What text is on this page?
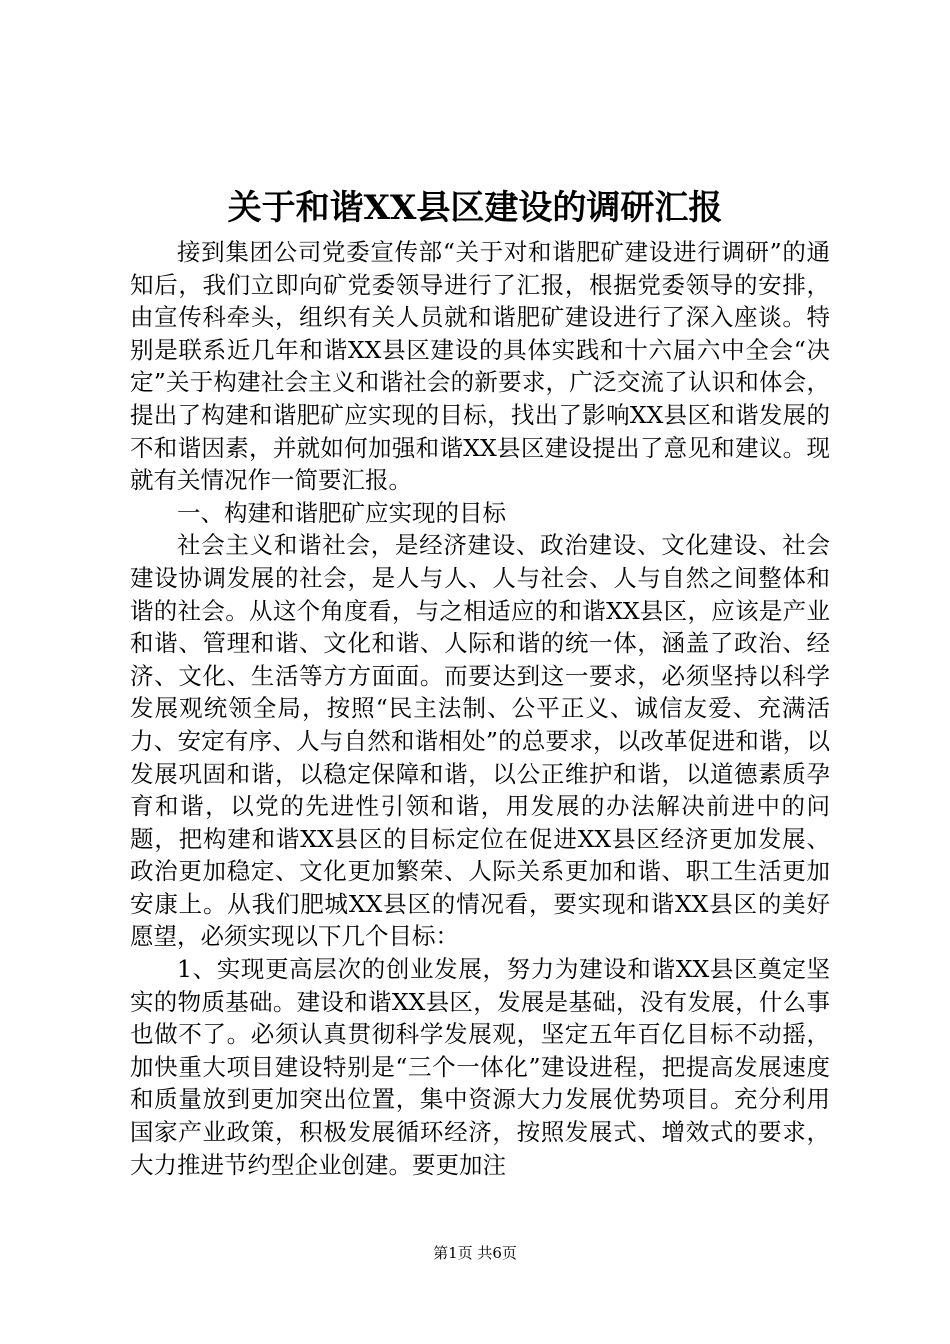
关于和谐XX县区建设的调研汇报

接到集团公司党委宣传部“关于对和谐肥矿建设进行调研”的通知后，我们立即向矿党委领导进行了汇报，根据党委领导的安排，由宣传科牵头，组织有关人员就和谐肥矿建设进行了深入座谈。特别是联系近几年和谐XX县区建设的具体实践和十六届六中全会“决定”关于构建社会主义和谐社会的新要求，广泛交流了认识和体会，提出了构建和谐肥矿应实现的目标，找出了影响XX县区和谐发展的不和谐因素，并就如何加强和谐XX县区建设提出了意见和建议。现就有关情况作一简要汇报。

一、构建和谐肥矿应实现的目标

社会主义和谐社会，是经济建设、政治建设、文化建设、社会建设协调发展的社会，是人与人、人与社会、人与自然之间整体和谐的社会。从这个角度看，与之相适应的和谐XX县区，应该是产业和谐、管理和谐、文化和谐、人际和谐的统一体，涵盖了政治、经济、文化、生活等方方面面。而要达到这一要求，必须坚持以科学发展观统领全局，按照“民主法制、公平正义、诚信友爱、充满活力、安定有序、人与自然和谐相处”的总要求，以改革促进和谐，以发展巩固和谐，以稳定保障和谐，以公正维护和谐，以道德素质孕育和谐，以党的先进性引领和谐，用发展的办法解决前进中的问题，把构建和谐XX县区的目标定位在促进XX县区经济更加发展、政治更加稳定、文化更加繁荣、人际关系更加和谐、职工生活更加安康上。从我们肥城XX县区的情况看，要实现和谐XX县区的美好愿望，必须实现以下几个目标：

1、实现更高层次的创业发展，努力为建设和谐XX县区奠定坚实的物质基础。建设和谐XX县区，发展是基础，没有发展，什么事也做不了。必须认真贯彻科学发展观，坚定五年百亿目标不动摇，加快重大项目建设特别是“三个一体化”建设进程，把提高发展速度和质量放到更加突出位置，集中资源大力发展优势项目。充分利用国家产业政策，积极发展循环经济，按照发展式、增效式的要求，大力推进节约型企业创建。要更加注

第1页 共6页
